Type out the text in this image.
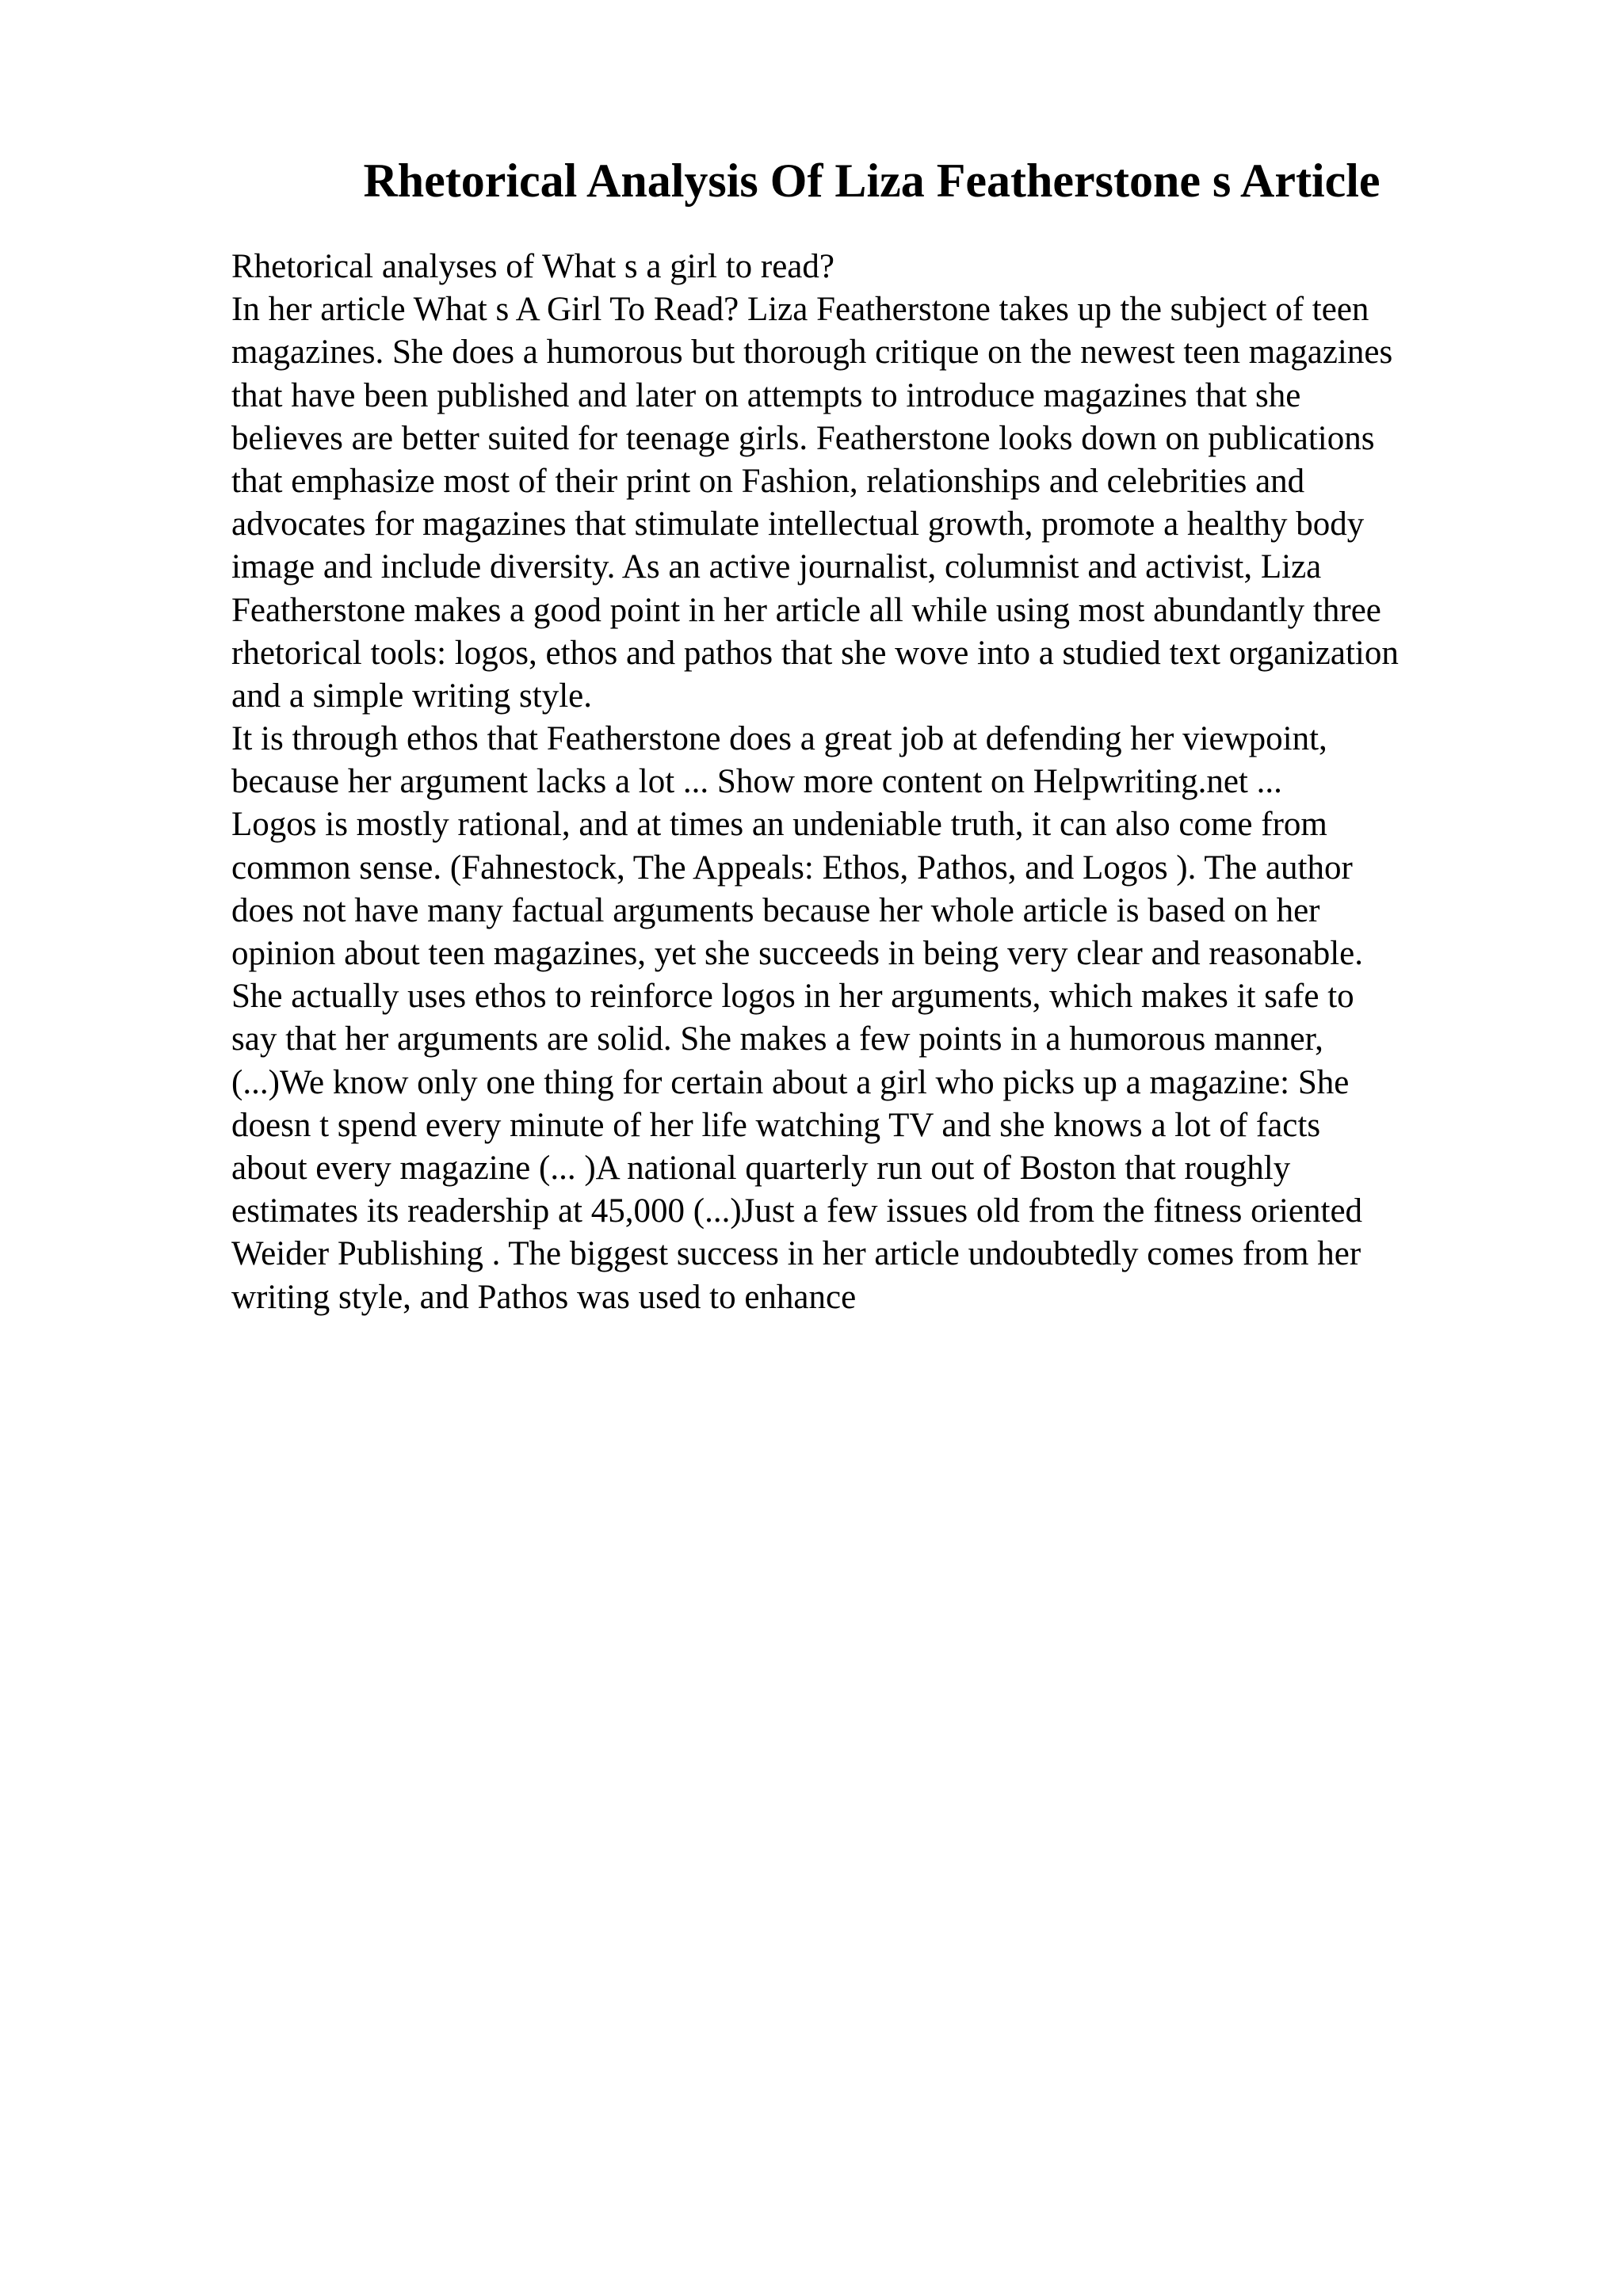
Rhetorical Analysis Of Liza Featherstone s Article
Rhetorical analyses of What s a girl to read?
In her article What s A Girl To Read? Liza Featherstone takes up the subject of teen
magazines. She does a humorous but thorough critique on the newest teen magazines
that have been published and later on attempts to introduce magazines that she
believes are better suited for teenage girls. Featherstone looks down on publications
that emphasize most of their print on Fashion, relationships and celebrities and
advocates for magazines that stimulate intellectual growth, promote a healthy body
image and include diversity. As an active journalist, columnist and activist, Liza
Featherstone makes a good point in her article all while using most abundantly three
rhetorical tools: logos, ethos and pathos that she wove into a studied text organization
and a simple writing style.
It is through ethos that Featherstone does a great job at defending her viewpoint,
because her argument lacks a lot ... Show more content on Helpwriting.net ...
Logos is mostly rational, and at times an undeniable truth, it can also come from
common sense. (Fahnestock, The Appeals: Ethos, Pathos, and Logos ). The author
does not have many factual arguments because her whole article is based on her
opinion about teen magazines, yet she succeeds in being very clear and reasonable.
She actually uses ethos to reinforce logos in her arguments, which makes it safe to
say that her arguments are solid. She makes a few points in a humorous manner,
(...)We know only one thing for certain about a girl who picks up a magazine: She
doesn t spend every minute of her life watching TV and she knows a lot of facts
about every magazine (... )A national quarterly run out of Boston that roughly
estimates its readership at 45,000 (...)Just a few issues old from the fitness oriented
Weider Publishing . The biggest success in her article undoubtedly comes from her
writing style, and Pathos was used to enhance
